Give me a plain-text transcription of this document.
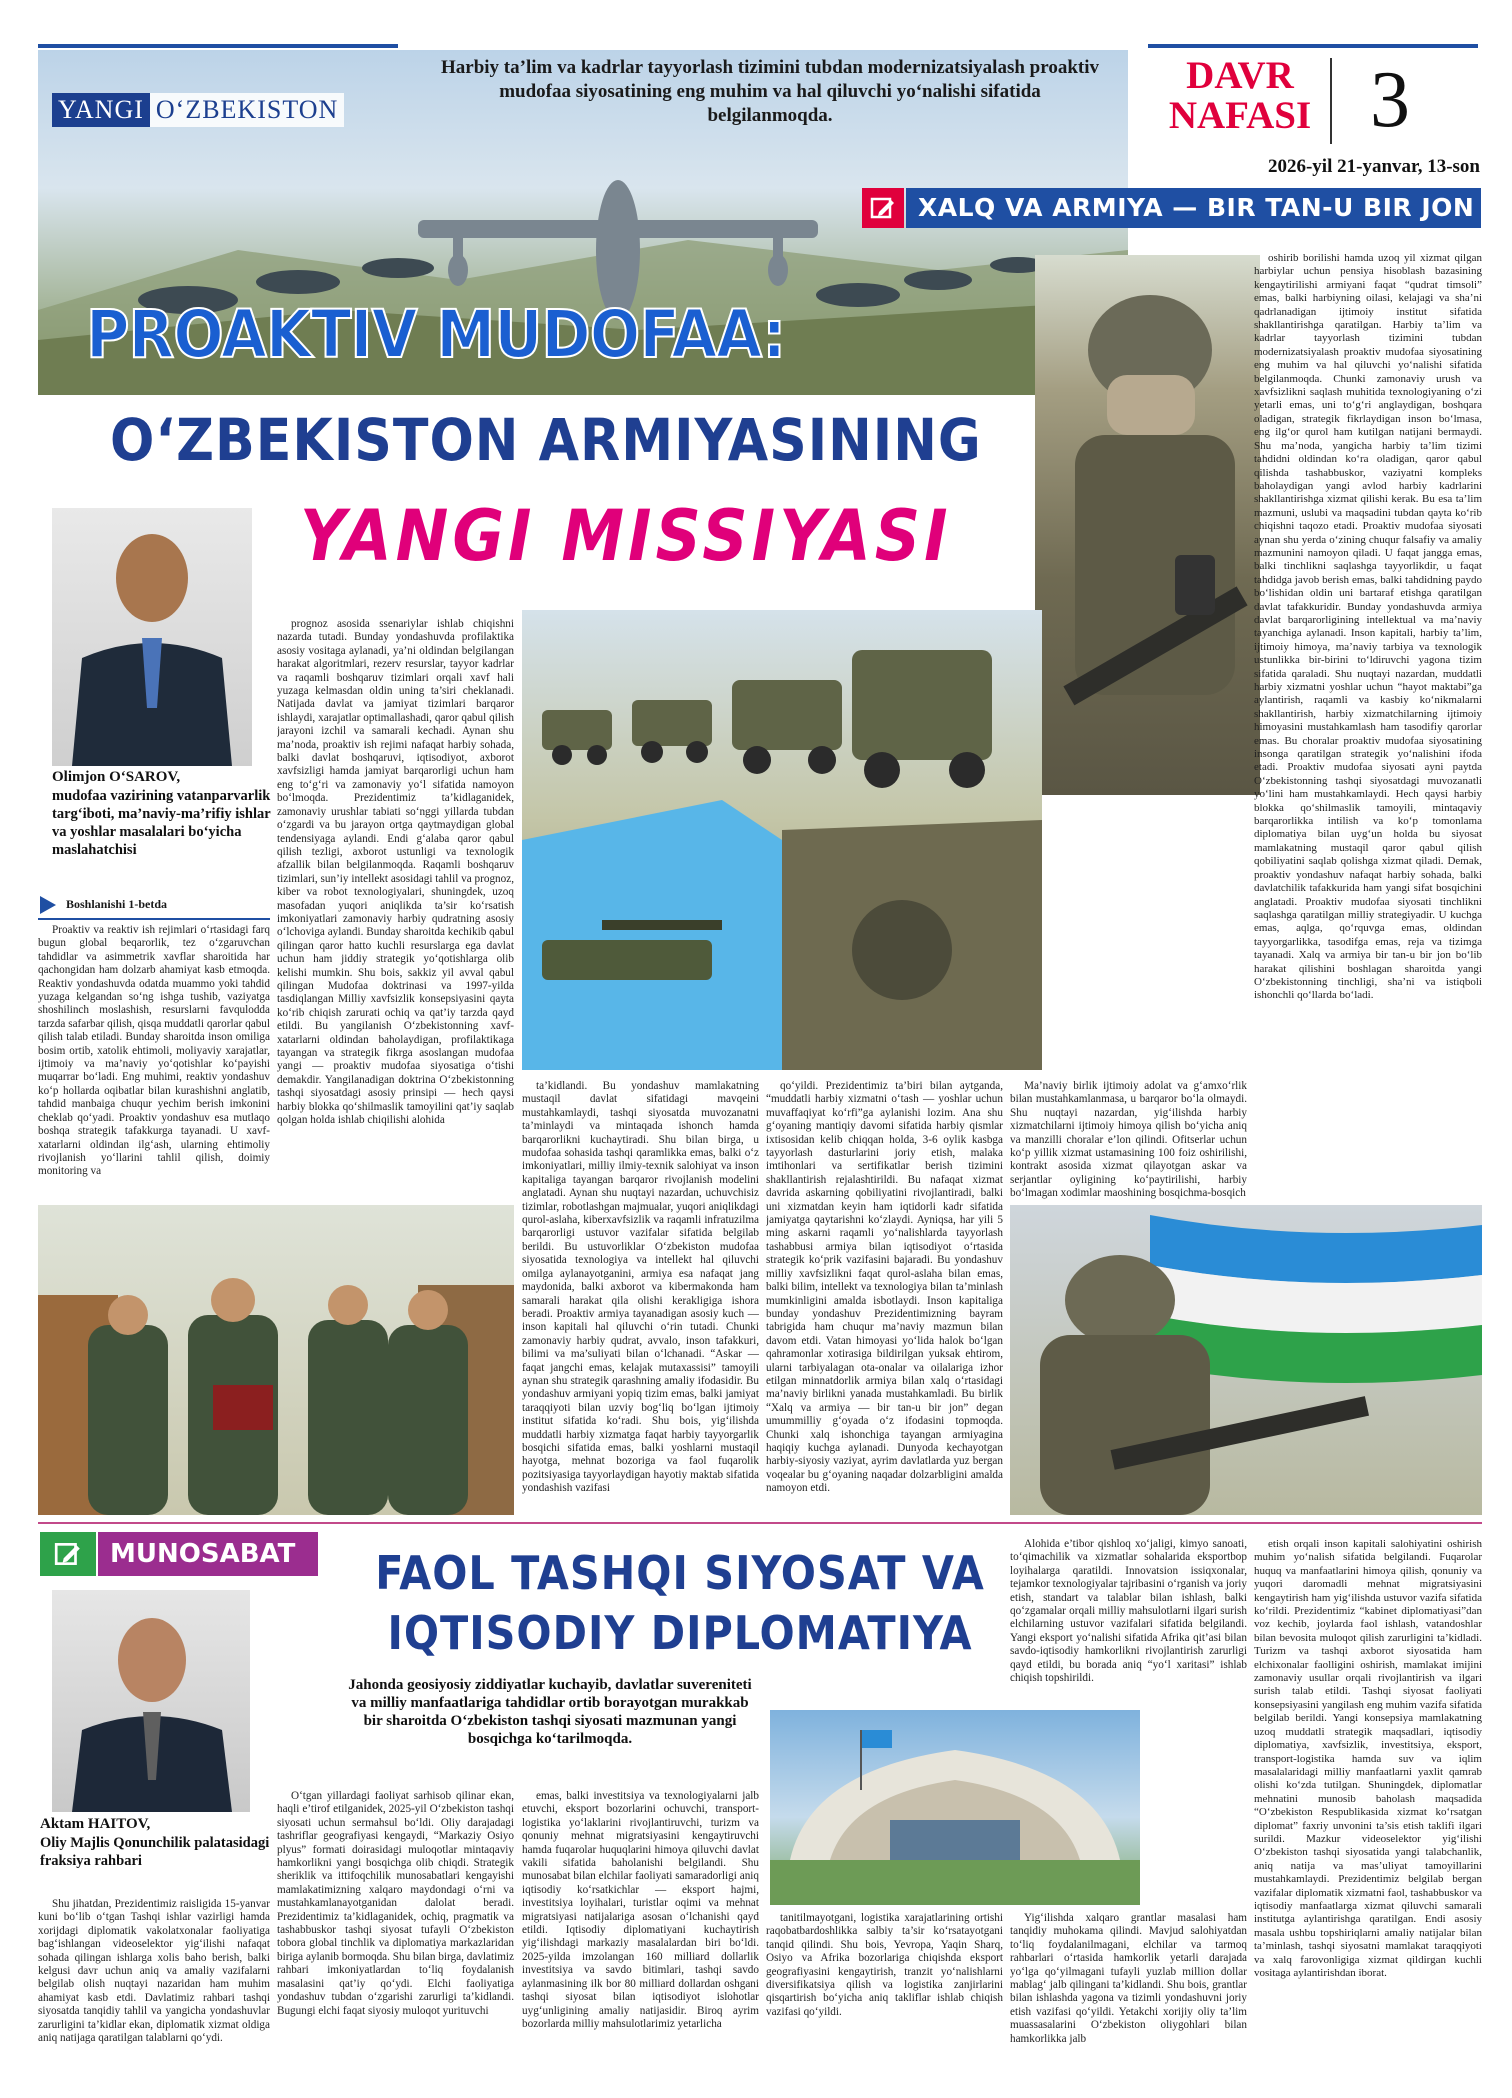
YANGI O‘ZBEKISTON
Harbiy ta’lim va kadrlar tayyorlash tizimini tubdan modernizatsiyalash proaktiv mudofaa siyosatining eng muhim va hal qiluvchi yo‘nalishi sifatida belgilanmoqda.
DAVR
NAFASI 3
2026-yil 21-yanvar, 13-son
XALQ VA ARMIYA — BIR TAN-U BIR JON
PROAKTIV MUDOFAA:
O‘ZBEKISTON ARMIYASINING
YANGI MISSIYASI
Olimjon O‘SAROV,
mudofaa vazirining vatanparvarlik targ‘iboti, ma’naviy-ma’rifiy ishlar va yoshlar masalalari bo‘yicha maslahatchisi
Boshlanishi 1-betda

Proaktiv va reaktiv ish rejimlari o‘rtasidagi farq bugun global beqarorlik, tez o‘zgaruvchan tahdidlar va asimmetrik xavflar sharoitida har qachongidan ham dolzarb ahamiyat kasb etmoqda. Reaktiv yondashuvda odatda muammo yoki tahdid yuzaga kelgandan so‘ng ishga tushib, vaziyatga shoshilinch moslashish, resurslarni favqulodda tarzda safarbar qilish, qisqa muddatli qarorlar qabul qilish talab etiladi. Bunday sharoitda inson omiliga bosim ortib, xatolik ehtimoli, moliyaviy xarajatlar, ijtimoiy va ma’naviy yo‘qotishlar ko‘payishi muqarrar bo‘ladi. Eng muhimi, reaktiv yondashuv ko‘p hollarda oqibatlar bilan kurashishni anglatib, tahdid manbaiga chuqur yechim berish imkonini cheklab qo‘yadi. Proaktiv yondashuv esa mutlaqo boshqa strategik tafakkurga tayanadi. U xavf-xatarlarni oldindan ilg‘ash, ularning ehtimoliy rivojlanish yo‘llarini tahlil qilish, doimiy monitoring va

prognoz asosida ssenariylar ishlab chiqishni nazarda tutadi. Bunday yondashuvda profilaktika asosiy vositaga aylanadi, ya’ni oldindan belgilangan harakat algoritmlari, rezerv resurslar, tayyor kadrlar va raqamli boshqaruv tizimlari orqali xavf hali yuzaga kelmasdan oldin uning ta’siri cheklanadi. Natijada davlat va jamiyat tizimlari barqaror ishlaydi, xarajatlar optimallashadi, qaror qabul qilish jarayoni izchil va samarali kechadi. Aynan shu ma’noda, proaktiv ish rejimi nafaqat harbiy sohada, balki davlat boshqaruvi, iqtisodiyot, axborot xavfsizligi hamda jamiyat barqarorligi uchun ham eng to‘g‘ri va zamonaviy yo‘l sifatida namoyon bo‘lmoqda. Prezidentimiz ta’kidlaganidek, zamonaviy urushlar tabiati so‘nggi yillarda tubdan o‘zgardi va bu jarayon ortga qaytmaydigan global tendensiyaga aylandi. Endi g‘alaba qaror qabul qilish tezligi, axborot ustunligi va texnologik afzallik bilan belgilanmoqda. Raqamli boshqaruv tizimlari, sun’iy intellekt asosidagi tahlil va prognoz, kiber va robot texnologiyalari, shuningdek, uzoq masofadan yuqori aniqlikda ta’sir ko‘rsatish imkoniyatlari zamonaviy harbiy qudratning asosiy o‘lchoviga aylandi. Bunday sharoitda kechikib qabul qilingan qaror hatto kuchli resurslarga ega davlat uchun ham jiddiy strategik yo‘qotishlarga olib kelishi mumkin. Shu bois, sakkiz yil avval qabul qilingan Mudofaa doktrinasi va 1997-yilda tasdiqlangan Milliy xavfsizlik konsepsiyasini qayta ko‘rib chiqish zarurati ochiq va qat’iy tarzda qayd etildi. Bu yangilanish O‘zbekistonning xavf-xatarlarni oldindan baholaydigan, profilaktikaga tayangan va strategik fikrga asoslangan mudofaa yangi — proaktiv mudofaa siyosatiga o‘tishi demakdir. Yangilanadigan doktrina O‘zbekistonning tashqi siyosatdagi asosiy prinsipi — hech qaysi harbiy blokka qo‘shilmaslik tamoyilini qat’iy saqlab qolgan holda ishlab chiqilishi alohida

ta’kidlandi. Bu yondashuv mamlakatning mustaqil davlat sifatidagi mavqeini mustahkamlaydi, tashqi siyosatda muvozanatni ta’minlaydi va mintaqada ishonch hamda barqarorlikni kuchaytiradi. Shu bilan birga, u mudofaa sohasida tashqi qaramlikka emas, balki o‘z imkoniyatlari, milliy ilmiy-texnik salohiyat va inson kapitaliga tayangan barqaror rivojlanish modelini anglatadi. Aynan shu nuqtayi nazardan, uchuvchisiz tizimlar, robotlashgan majmualar, yuqori aniqlikdagi qurol-aslaha, kiberxavfsizlik va raqamli infratuzilma barqarorligi ustuvor vazifalar sifatida belgilab berildi. Bu ustuvorliklar O‘zbekiston mudofaa siyosatida texnologiya va intellekt hal qiluvchi omilga aylanayotganini, armiya esa nafaqat jang maydonida, balki axborot va kibermakonda ham samarali harakat qila olishi kerakligiga ishora beradi. Proaktiv armiya tayanadigan asosiy kuch — inson kapitali hal qiluvchi o‘rin tutadi. Chunki zamonaviy harbiy qudrat, avvalo, inson tafakkuri, bilimi va ma’suliyati bilan o‘lchanadi. “Askar — faqat jangchi emas, kelajak mutaxassisi” tamoyili aynan shu strategik qarashning amaliy ifodasidir. Bu yondashuv armiyani yopiq tizim emas, balki jamiyat taraqqiyoti bilan uzviy bog‘liq bo‘lgan ijtimoiy institut sifatida ko‘radi. Shu bois, yig‘ilishda muddatli harbiy xizmatga faqat harbiy tayyorgarlik bosqichi sifatida emas, balki yoshlarni mustaqil hayotga, mehnat bozoriga va faol fuqarolik pozitsiyasiga tayyorlaydigan hayotiy maktab sifatida yondashish vazifasi

qo‘yildi. Prezidentimiz ta’biri bilan aytganda, “muddatli harbiy xizmatni o‘tash — yoshlar uchun muvaffaqiyat ko‘rfi”ga aylanishi lozim. Ana shu g‘oyaning mantiqiy davomi sifatida harbiy qismlar ixtisosidan kelib chiqqan holda, 3-6 oylik kasbga tayyorlash dasturlarini joriy etish, malaka imtihonlari va sertifikatlar berish tizimini shakllantirish rejalashtirildi. Bu nafaqat xizmat davrida askarning qobiliyatini rivojlantiradi, balki uni xizmatdan keyin ham iqtidorli kadr sifatida jamiyatga qaytarishni ko‘zlaydi. Ayniqsa, har yili 5 ming askarni raqamli yo‘nalishlarda tayyorlash tashabbusi armiya bilan iqtisodiyot o‘rtasida strategik ko‘prik vazifasini bajaradi. Bu yondashuv milliy xavfsizlikni faqat qurol-aslaha bilan emas, balki bilim, intellekt va texnologiya bilan ta’minlash mumkinligini amalda isbotlaydi. Inson kapitaliga bunday yondashuv Prezidentimizning bayram tabrigida ham chuqur ma’naviy mazmun bilan davom etdi. Vatan himoyasi yo‘lida halok bo‘lgan qahramonlar xotirasiga bildirilgan yuksak ehtirom, ularni tarbiyalagan ota-onalar va oilalariga izhor etilgan minnatdorlik armiya bilan xalq o‘rtasidagi ma’naviy birlikni yanada mustahkamladi. Bu birlik “Xalq va armiya — bir tan-u bir jon” degan umummilliy g‘oyada o‘z ifodasini topmoqda. Chunki xalq ishonchiga tayangan armiyagina haqiqiy kuchga aylanadi. Dunyoda kechayotgan harbiy-siyosiy vaziyat, ayrim davlatlarda yuz bergan voqealar bu g‘oyaning naqadar dolzarbligini amalda namoyon etdi.

Ma’naviy birlik ijtimoiy adolat va g‘amxo‘rlik bilan mustahkamlanmasa, u barqaror bo‘la olmaydi. Shu nuqtayi nazardan, yig‘ilishda harbiy xizmatchilarni ijtimoiy himoya qilish bo‘yicha aniq va manzilli choralar e’lon qilindi. Ofitserlar uchun ko‘p yillik xizmat ustamasining 100 foiz oshirilishi, kontrakt asosida xizmat qilayotgan askar va serjantlar oyligining ko‘paytirilishi, harbiy bo‘lmagan xodimlar maoshining bosqichma-bosqich

oshirib borilishi hamda uzoq yil xizmat qilgan harbiylar uchun pensiya hisoblash bazasining kengaytirilishi armiyani faqat “qudrat timsoli” emas, balki harbiyning oilasi, kelajagi va sha’ni qadrlanadigan ijtimoiy institut sifatida shakllantirishga qaratilgan. Harbiy ta’lim va kadrlar tayyorlash tizimini tubdan modernizatsiyalash proaktiv mudofaa siyosatining eng muhim va hal qiluvchi yo‘nalishi sifatida belgilanmoqda. Chunki zamonaviy urush va xavfsizlikni saqlash muhitida texnologiyaning o‘zi yetarli emas, uni to‘g‘ri anglaydigan, boshqara oladigan, strategik fikrlaydigan inson bo‘lmasa, eng ilg‘or qurol ham kutilgan natijani bermaydi. Shu ma’noda, yangicha harbiy ta’lim tizimi tahdidni oldindan ko‘ra oladigan, qaror qabul qilishda tashabbuskor, vaziyatni kompleks baholaydigan yangi avlod harbiy kadrlarini shakllantirishga xizmat qilishi kerak. Bu esa ta’lim mazmuni, uslubi va maqsadini tubdan qayta ko‘rib chiqishni taqozo etadi. Proaktiv mudofaa siyosati aynan shu yerda o‘zining chuqur falsafiy va amaliy mazmunini namoyon qiladi. U faqat jangga emas, balki tinchlikni saqlashga tayyorlikdir, u faqat tahdidga javob berish emas, balki tahdidning paydo bo‘lishidan oldin uni bartaraf etishga qaratilgan davlat tafakkuridir. Bunday yondashuvda armiya davlat barqarorligining intellektual va ma’naviy tayanchiga aylanadi. Inson kapitali, harbiy ta’lim, ijtimoiy himoya, ma’naviy tarbiya va texnologik ustunlikka bir-birini to‘ldiruvchi yagona tizim sifatida qaraladi. Shu nuqtayi nazardan, muddatli harbiy xizmatni yoshlar uchun “hayot maktabi”ga aylantirish, raqamli va kasbiy ko‘nikmalarni shakllantirish, harbiy xizmatchilarning ijtimoiy himoyasini mustahkamlash ham tasodifiy qarorlar emas. Bu choralar proaktiv mudofaa siyosatining insonga qaratilgan strategik yo‘nalishini ifoda etadi. Proaktiv mudofaa siyosati ayni paytda O‘zbekistonning tashqi siyosatdagi muvozanatli yo‘lini ham mustahkamlaydi. Hech qaysi harbiy blokka qo‘shilmaslik tamoyili, mintaqaviy barqarorlikka intilish va ko‘p tomonlama diplomatiya bilan uyg‘un holda bu siyosat mamlakatning mustaqil qaror qabul qilish qobiliyatini saqlab qolishga xizmat qiladi. Demak, proaktiv yondashuv nafaqat harbiy sohada, balki davlatchilik tafakkurida ham yangi sifat bosqichini anglatadi. Proaktiv mudofaa siyosati tinchlikni saqlashga qaratilgan milliy strategiyadir. U kuchga emas, aqlga, qo‘rquvga emas, oldindan tayyorgarlikka, tasodifga emas, reja va tizimga tayanadi. Xalq va armiya bir tan-u bir jon bo‘lib harakat qilishini boshlagan sharoitda yangi O‘zbekistonning tinchligi, sha’ni va istiqboli ishonchli qo‘llarda bo‘ladi.

MUNOSABAT
Aktam HAITOV,
Oliy Majlis Qonunchilik palatasidagi fraksiya rahbari
FAOL TASHQI SIYOSAT VA
IQTISODIY DIPLOMATIYA
Jahonda geosiyosiy ziddiyatlar kuchayib, davlatlar suvereniteti va milliy manfaatlariga tahdidlar ortib borayotgan murakkab bir sharoitda O‘zbekiston tashqi siyosati mazmunan yangi bosqichga ko‘tarilmoqda.

Shu jihatdan, Prezidentimiz raisligida 15-yanvar kuni bo‘lib o‘tgan Tashqi ishlar vazirligi hamda xorijdagi diplomatik vakolatxonalar faoliyatiga bag‘ishlangan videoselektor yig‘ilishi nafaqat sohada qilingan ishlarga xolis baho berish, balki kelgusi davr uchun aniq va amaliy vazifalarni belgilab olish nuqtayi nazaridan ham muhim ahamiyat kasb etdi. Davlatimiz rahbari tashqi siyosatda tanqidiy tahlil va yangicha yondashuvlar zarurligini ta’kidlar ekan, diplomatik xizmat oldiga aniq natijaga qaratilgan talablarni qo‘ydi.

O‘tgan yillardagi faoliyat sarhisob qilinar ekan, haqli e’tirof etilganidek, 2025-yil O‘zbekiston tashqi siyosati uchun sermahsul bo‘ldi. Oliy darajadagi tashriflar geografiyasi kengaydi, “Markaziy Osiyo plyus” formati doirasidagi muloqotlar mintaqaviy hamkorlikni yangi bosqichga olib chiqdi. Strategik sheriklik va ittifoqchilik munosabatlari kengayishi mamlakatimizning xalqaro maydondagi o‘rni va mustahkamlanayotganidan dalolat beradi. Prezidentimiz ta’kidlaganidek, ochiq, pragmatik va tashabbuskor tashqi siyosat tufayli O‘zbekiston tobora global tinchlik va diplomatiya markazlaridan biriga aylanib bormoqda. Shu bilan birga, davlatimiz rahbari imkoniyatlardan to‘liq foydalanish masalasini qat’iy qo‘ydi. Elchi faoliyatiga yondashuv tubdan o‘zgarishi zarurligi ta’kidlandi. Bugungi elchi faqat siyosiy muloqot yurituvchi

emas, balki investitsiya va texnologiyalarni jalb etuvchi, eksport bozorlarini ochuvchi, transport-logistika yo‘laklarini rivojlantiruvchi, turizm va qonuniy mehnat migratsiyasini kengaytiruvchi hamda fuqarolar huquqlarini himoya qiluvchi davlat vakili sifatida baholanishi belgilandi. Shu munosabat bilan elchilar faoliyati samaradorligi aniq iqtisodiy ko‘rsatkichlar — eksport hajmi, investitsiya loyihalari, turistlar oqimi va mehnat migratsiyasi natijalariga asosan o‘lchanishi qayd etildi. Iqtisodiy diplomatiyani kuchaytirish yig‘ilishdagi markaziy masalalardan biri bo‘ldi. 2025-yilda imzolangan 160 milliard dollarlik investitsiya va savdo bitimlari, tashqi savdo aylanmasining ilk bor 80 milliard dollardan oshgani tashqi siyosat bilan iqtisodiyot islohotlar uyg‘unligining amaliy natijasidir. Biroq ayrim bozorlarda milliy mahsulotlarimiz yetarlicha

tanitilmayotgani, logistika xarajatlarining ortishi raqobatbardoshlikka salbiy ta’sir ko‘rsatayotgani tanqid qilindi. Shu bois, Yevropa, Yaqin Sharq, Osiyo va Afrika bozorlariga chiqishda eksport geografiyasini kengaytirish, tranzit yo‘nalishlarni diversifikatsiya qilish va logistika zanjirlarini qisqartirish bo‘yicha aniq takliflar ishlab chiqish vazifasi qo‘yildi.

Yig‘ilishda xalqaro grantlar masalasi ham tanqidiy muhokama qilindi. Mavjud salohiyatdan to‘liq foydalanilmagani, elchilar va tarmoq rahbarlari o‘rtasida hamkorlik yetarli darajada yo‘lga qo‘yilmagani tufayli yuzlab million dollar mablag‘ jalb qilingani ta’kidlandi. Shu bois, grantlar bilan ishlashda yagona va tizimli yondashuvni joriy etish vazifasi qo‘yildi. Yetakchi xorijiy oliy ta’lim muassasalarini O‘zbekiston oliygohlari bilan hamkorlikka jalb

Alohida e’tibor qishloq xo‘jaligi, kimyo sanoati, to‘qimachilik va xizmatlar sohalarida eksportbop loyihalarga qaratildi. Innovatsion issiqxonalar, tejamkor texnologiyalar tajribasini o‘rganish va joriy etish, standart va talablar bilan ishlash, balki qo‘zgamalar orqali milliy mahsulotlarni ilgari surish elchilarning ustuvor vazifalari sifatida belgilandi. Yangi eksport yo‘nalishi sifatida Afrika qit’asi bilan savdo-iqtisodiy hamkorlikni rivojlantirish zarurligi qayd etildi, bu borada aniq “yo‘l xaritasi” ishlab chiqish topshirildi.

etish orqali inson kapitali salohiyatini oshirish muhim yo‘nalish sifatida belgilandi. Fuqarolar huquq va manfaatlarini himoya qilish, qonuniy va yuqori daromadli mehnat migratsiyasini kengaytirish ham yig‘ilishda ustuvor vazifa sifatida ko‘rildi. Prezidentimiz “kabinet diplomatiyasi”dan voz kechib, joylarda faol ishlash, vatandoshlar bilan bevosita muloqot qilish zarurligini ta’kidladi. Turizm va tashqi axborot siyosatida ham elchixonalar faolligini oshirish, mamlakat imijini zamonaviy usullar orqali rivojlantirish va ilgari surish talab etildi. Tashqi siyosat faoliyati konsepsiyasini yangilash eng muhim vazifa sifatida belgilab berildi. Yangi konsepsiya mamlakatning uzoq muddatli strategik maqsadlari, iqtisodiy diplomatiya, xavfsizlik, investitsiya, eksport, transport-logistika hamda suv va iqlim masalalaridagi milliy manfaatlarni yaxlit qamrab olishi ko‘zda tutilgan. Shuningdek, diplomatlar mehnatini munosib baholash maqsadida “O‘zbekiston Respublikasida xizmat ko‘rsatgan diplomat” faxriy unvonini ta’sis etish taklifi ilgari surildi. Mazkur videoselektor yig‘ilishi O‘zbekiston tashqi siyosatida yangi talabchanlik, aniq natija va mas’uliyat tamoyillarini mustahkamlaydi. Prezidentimiz belgilab bergan vazifalar diplomatik xizmatni faol, tashabbuskor va iqtisodiy manfaatlarga xizmat qiluvchi samarali institutga aylantirishga qaratilgan. Endi asosiy masala ushbu topshiriqlarni amaliy natijalar bilan ta’minlash, tashqi siyosatni mamlakat taraqqiyoti va xalq farovonligiga xizmat qildirgan kuchli vositaga aylantirishdan iborat.
